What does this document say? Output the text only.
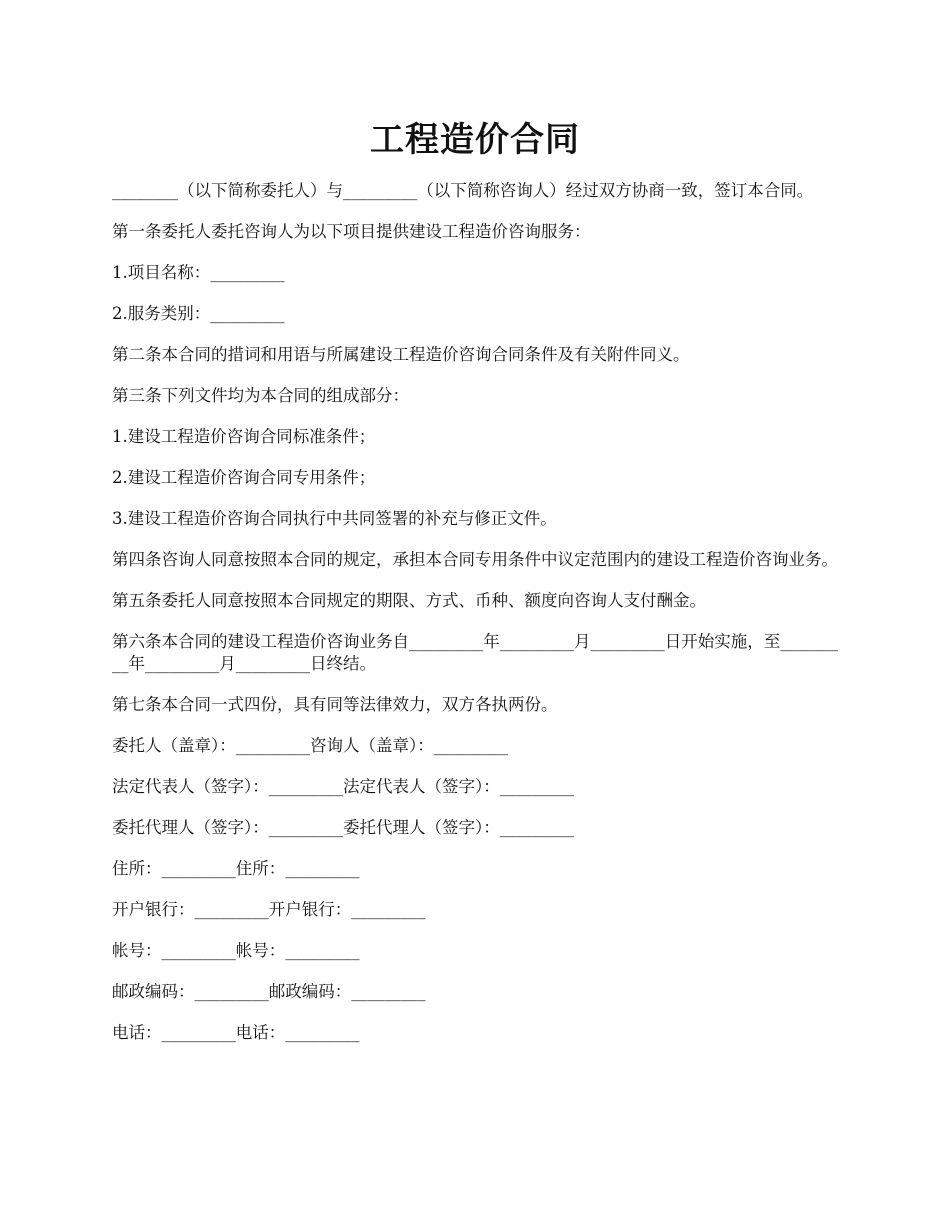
工程造价合同

________（以下简称委托人）与_________（以下简称咨询人）经过双方协商一致，签订本合同。

第一条委托人委托咨询人为以下项目提供建设工程造价咨询服务：

1.项目名称：_________

2.服务类别：_________

第二条本合同的措词和用语与所属建设工程造价咨询合同条件及有关附件同义。

第三条下列文件均为本合同的组成部分：

1.建设工程造价咨询合同标准条件；

2.建设工程造价咨询合同专用条件；

3.建设工程造价咨询合同执行中共同签署的补充与修正文件。

第四条咨询人同意按照本合同的规定，承担本合同专用条件中议定范围内的建设工程造价咨询业务。

第五条委托人同意按照本合同规定的期限、方式、币种、额度向咨询人支付酬金。

第六条本合同的建设工程造价咨询业务自_________年_________月_________日开始实施，至_________年_________月_________日终结。

第七条本合同一式四份，具有同等法律效力，双方各执两份。

委托人（盖章）：_________咨询人（盖章）：_________

法定代表人（签字）：_________法定代表人（签字）：_________

委托代理人（签字）：_________委托代理人（签字）：_________

住所：_________住所：_________

开户银行：_________开户银行：_________

帐号：_________帐号：_________

邮政编码：_________邮政编码：_________

电话：_________电话：_________
